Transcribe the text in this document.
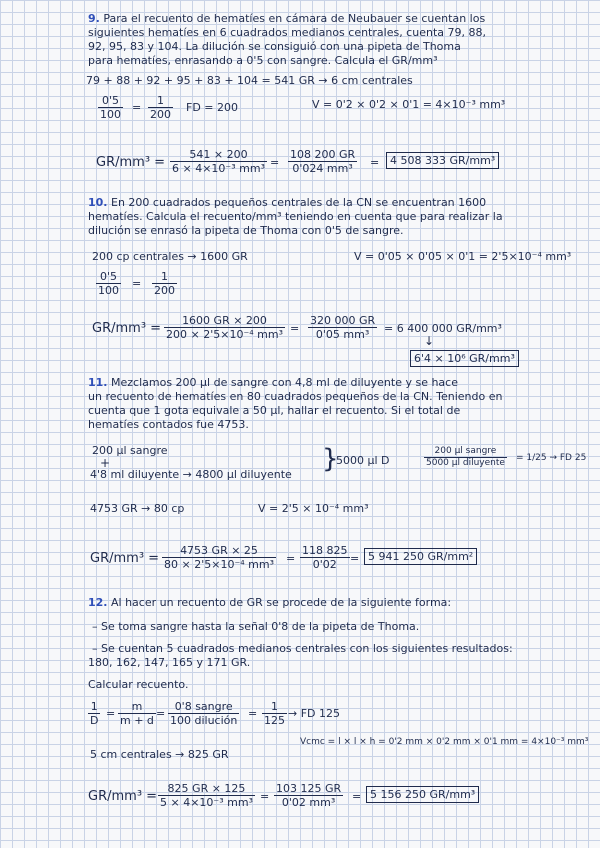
9. Para el recuento de hematíes en cámara de Neubauer se cuentan los
siguientes hematíes en 6 cuadrados medianos centrales, cuenta 79, 88,
92, 95, 83 y 104. La dilución se consiguió con una pipeta de Thoma
para hematíes, enrasando a 0'5 con sangre. Calcula el GR/mm³
79 + 88 + 92 + 95 + 83 + 104 = 541 GR → 6 cm centrales
$\frac{0'5}{100} = \frac{1}{200}$ FD = 200	V = 0'2 × 0'2 × 0'1 = 4×10⁻³ mm³
$GR/mm^3 = \frac{541 \times 200}{\text{6 × 4×10⁻³ mm³}} = \frac{108 200 GR}{\text{0'024 mm³}} = 4$ 508 333 GR/mm³
10. En 200 cuadrados pequeños centrales de la CN se encuentran 1600
hematíes. Calcula el recuento/mm³ teniendo en cuenta que para realizar la
dilución se enrasó la pipeta de Thoma con 0'5 de sangre.
200 cp centrales → 1600 GR	V = 0'05 × 0'05 × 0'1 = 2'5×10⁻⁴ mm³
$\frac{0'5}{100} = \frac{1}{200}$
$GR/mm^3 = \frac{1600 GR \times 200}{\text{200 × 2'5×10⁻⁴ mm³}} = \frac{320 000 GR}{\text{0'05 mm³}} = 6$ 400 000 GR/mm³
↓
6'4 × 10⁶ GR/mm³
11. Mezclamos 200 µl de sangre con 4,8 ml de diluyente y se hace
un recuento de hematíes en 80 cuadrados pequeños de la CN. Teniendo en
cuenta que 1 gota equivale a 50 µl, hallar el recuento. Si el total de
hematíes contados fue 4753.
200 µl sangre
+
4'8 ml diluyente → 4800 µl diluyente
}
5000 µl D
200 µl sangre
5000 µl diluyente = 1/25 → FD 25
4753 GR → 80 cp	V = 2'5 × 10⁻⁴ mm³
$GR/mm^3 = \frac{4753 GR \times 25}{\text{80 × 2'5×10⁻⁴ mm³}} = \frac{118 825}{0'02} = 5$ 941 250 GR/mm²
12. Al hacer un recuento de GR se procede de la siguiente forma:
– Se toma sangre hasta la señal 0'8 de la pipeta de Thoma.
– Se cuentan 5 cuadrados medianos centrales con los siguientes resultados:
180, 162, 147, 165 y 171 GR.
Calcular recuento.
$\frac{1}{D} = \frac{m}{m + d}$ =
0'8 sangre
100 dilución
= $\frac{1}{125}$ → FD 125
5 cm centrales → 825 GR
Vcmc = l × l × h = 0'2 mm × 0'2 mm × 0'1 mm = 4×10⁻³ mm³
$GR/mm^3 = \frac{825 GR \times 125}{\text{5 × 4×10⁻³ mm³}} = \frac{103 125 GR}{\text{0'02 mm³}} = 5$ 156 250 GR/mm³
